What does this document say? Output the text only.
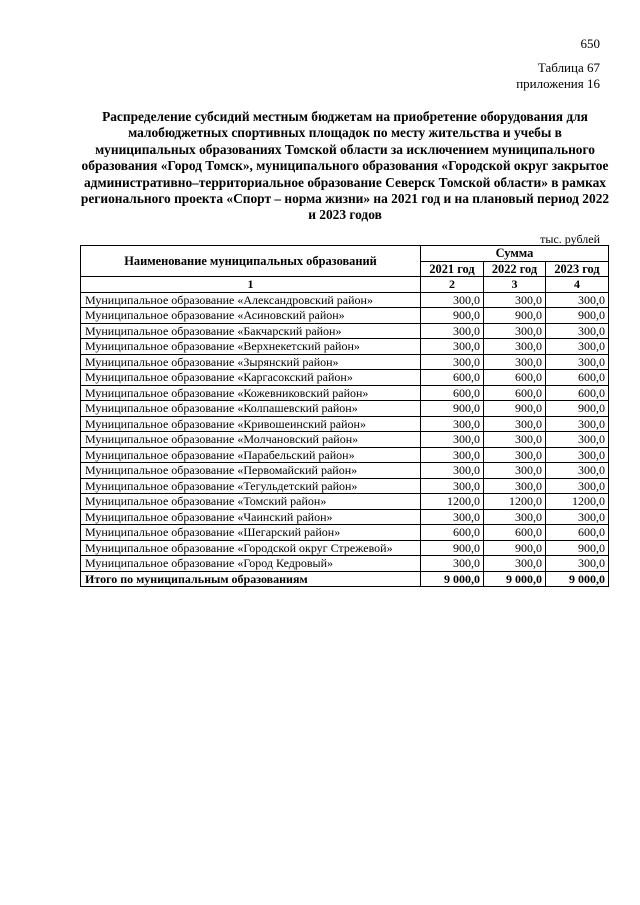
650
Таблица 67
приложения 16
Распределение субсидий местным бюджетам на приобретение оборудования для малобюджетных спортивных площадок по месту жительства и учебы в муниципальных образованиях Томской области за исключением муниципального образования «Город Томск», муниципального образования «Городской округ закрытое административно–территориальное образование Северск Томской области» в рамках регионального проекта «Спорт – норма жизни» на 2021 год и на плановый период 2022 и 2023 годов
тыс. рублей
Наименование муниципальных образований	Сумма		
	2021 год	2022 год	2023 год
1	2	3	4
Муниципальное образование «Александровский район»	300,0	300,0	300,0
Муниципальное образование «Асиновский район»	900,0	900,0	900,0
Муниципальное образование «Бакчарский район»	300,0	300,0	300,0
Муниципальное образование «Верхнекетский район»	300,0	300,0	300,0
Муниципальное образование «Зырянский район»	300,0	300,0	300,0
Муниципальное образование «Каргасокский район»	600,0	600,0	600,0
Муниципальное образование «Кожевниковский район»	600,0	600,0	600,0
Муниципальное образование «Колпашевский район»	900,0	900,0	900,0
Муниципальное образование «Кривошеинский район»	300,0	300,0	300,0
Муниципальное образование «Молчановский район»	300,0	300,0	300,0
Муниципальное образование «Парабельский район»	300,0	300,0	300,0
Муниципальное образование «Первомайский район»	300,0	300,0	300,0
Муниципальное образование «Тегульдетский район»	300,0	300,0	300,0
Муниципальное образование «Томский район»	1200,0	1200,0	1200,0
Муниципальное образование «Чаинский район»	300,0	300,0	300,0
Муниципальное образование «Шегарский район»	600,0	600,0	600,0
Муниципальное образование «Городской округ Стрежевой»	900,0	900,0	900,0
Муниципальное образование «Город Кедровый»	300,0	300,0	300,0
Итого по муниципальным образованиям	9 000,0	9 000,0	9 000,0
